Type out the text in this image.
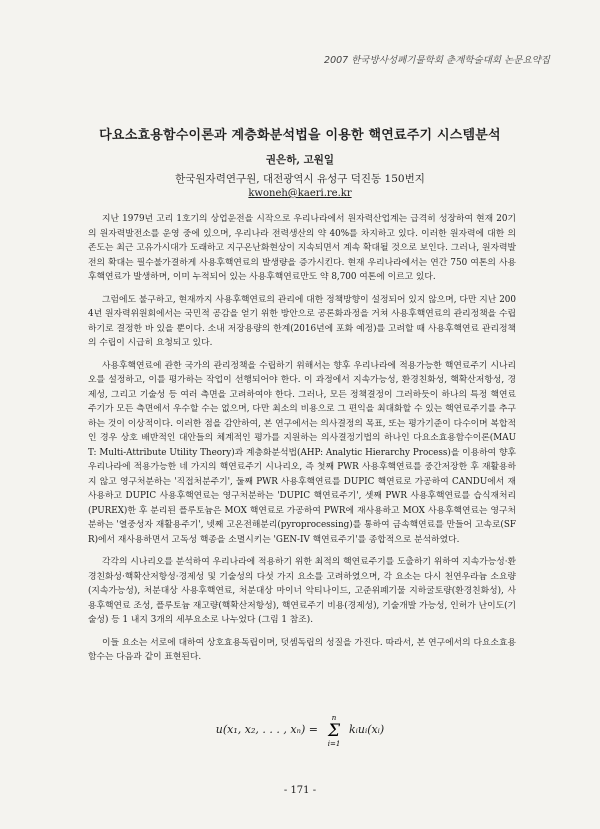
2007 한국방사성폐기물학회 춘계학술대회 논문요약집
다요소효용함수이론과 계층화분석법을 이용한 핵연료주기 시스템분석
권은하, 고원일
한국원자력연구원, 대전광역시 유성구 덕진동 150번지
kwoneh@kaeri.re.kr

지난 1979년 고리 1호기의 상업운전을 시작으로 우리나라에서 원자력산업계는 급격히 성장하여 현재 20기의 원자력발전소를 운영 중에 있으며, 우리나라 전력생산의 약 40%를 차지하고 있다. 이러한 원자력에 대한 의존도는 최근 고유가시대가 도래하고 지구온난화현상이 지속되면서 계속 확대될 것으로 보인다. 그러나, 원자력발전의 확대는 필수불가결하게 사용후핵연료의 발생량을 증가시킨다. 현재 우리나라에서는 연간 750 여톤의 사용후핵연료가 발생하며, 이미 누적되어 있는 사용후핵연료만도 약 8,700 여톤에 이르고 있다.

그럼에도 불구하고, 현재까지 사용후핵연료의 관리에 대한 정책방향이 설정되어 있지 않으며, 다만 지난 2004년 원자력위원회에서는 국민적 공감을 얻기 위한 방안으로 공론화과정을 거쳐 사용후핵연료의 관리정책을 수립하기로 결정한 바 있을 뿐이다. 소내 저장용량의 한계(2016년에 포화 예정)를 고려할 때 사용후핵연료 관리정책의 수립이 시급히 요청되고 있다.

사용후핵연료에 관한 국가의 관리정책을 수립하기 위해서는 향후 우리나라에 적용가능한 핵연료주기 시나리오를 설정하고, 이를 평가하는 작업이 선행되어야 한다. 이 과정에서 지속가능성, 환경친화성, 핵확산저항성, 경제성, 그리고 기술성 등 여러 측면을 고려하여야 한다. 그러나, 모든 정책결정이 그러하듯이 하나의 특정 핵연료주기가 모든 측면에서 우수할 수는 없으며, 다만 최소의 비용으로 그 편익을 최대화할 수 있는 핵연료주기를 추구하는 것이 이상적이다. 이러한 점을 감안하여, 본 연구에서는 의사결정의 목표, 또는 평가기준이 다수이며 복합적인 경우 상호 배반적인 대안들의 체계적인 평가를 지원하는 의사결정기법의 하나인 다요소효용함수이론(MAUT: Multi-Attribute Utility Theory)과 계층화분석법(AHP: Analytic Hierarchy Process)을 이용하여 향후 우리나라에 적용가능한 네 가지의 핵연료주기 시나리오, 즉 첫째 PWR 사용후핵연료를 중간저장한 후 재활용하지 않고 영구처분하는 '직접처분주기', 둘째 PWR 사용후핵연료를 DUPIC 핵연료로 가공하여 CANDU에서 재사용하고 DUPIC 사용후핵연료는 영구처분하는 'DUPIC 핵연료주기', 셋째 PWR 사용후핵연료를 습식재처리(PUREX)한 후 분리된 플루토늄은 MOX 핵연료로 가공하여 PWR에 재사용하고 MOX 사용후핵연료는 영구처분하는 '열중성자 재활용주기', 넷째 고온전해분리(pyroprocessing)를 통하여 금속핵연료를 만들어 고속로(SFR)에서 재사용하면서 고독성 핵종을 소멸시키는 'GEN-IV 핵연료주기'를 종합적으로 분석하였다.

각각의 시나리오를 분석하여 우리나라에 적용하기 위한 최적의 핵연료주기를 도출하기 위하여 지속가능성·환경친화성·핵확산저항성·경제성 및 기술성의 다섯 가지 요소를 고려하였으며, 각 요소는 다시 천연우라늄 소요량(지속가능성), 처분대상 사용후핵연료, 처분대상 마이너 악티나이드, 고준위폐기물 지하굴토량(환경친화성), 사용후핵연료 조성, 플루토늄 재고량(핵확산저항성), 핵연료주기 비용(경제성), 기술개발 가능성, 인허가 난이도(기술성) 등 1 내지 3개의 세부요소로 나누었다 (그림 1 참조).

이들 요소는 서로에 대하여 상호효용독립이며, 덧셈독립의 성질을 가진다. 따라서, 본 연구에서의 다요소효용함수는 다음과 같이 표현된다.

u(x₁, x₂, . . . , xₙ) =
n
Σ
i=1
kᵢuᵢ(xᵢ)
- 171 -
